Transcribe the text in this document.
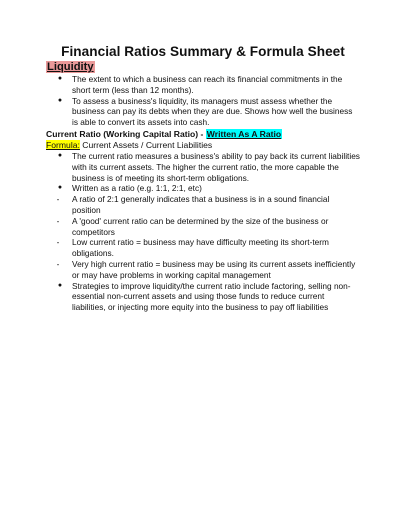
Financial Ratios Summary & Formula Sheet
Liquidity
●	The extent to which a business can reach its financial commitments in the short term (less than 12 months).
●	To assess a business's liquidity, its managers must assess whether the business can pay its debts when they are due. Shows how well the business is able to convert its assets into cash.
Current Ratio (Working Capital Ratio) - Written As A Ratio
Formula: Current Assets / Current Liabilities
●	The current ratio measures a business's ability to pay back its current liabilities with its current assets. The higher the current ratio, the more capable the business is of meeting its short-term obligations.
●	Written as a ratio (e.g. 1:1, 2:1, etc)
-	A ratio of 2:1 generally indicates that a business is in a sound financial position
-	A 'good' current ratio can be determined by the size of the business or competitors
-	Low current ratio = business may have difficulty meeting its short-term obligations.
-	Very high current ratio = business may be using its current assets inefficiently or may have problems in working capital management
●	Strategies to improve liquidity/the current ratio include factoring, selling non-essential non-current assets and using those funds to reduce current liabilities, or injecting more equity into the business to pay off liabilities
